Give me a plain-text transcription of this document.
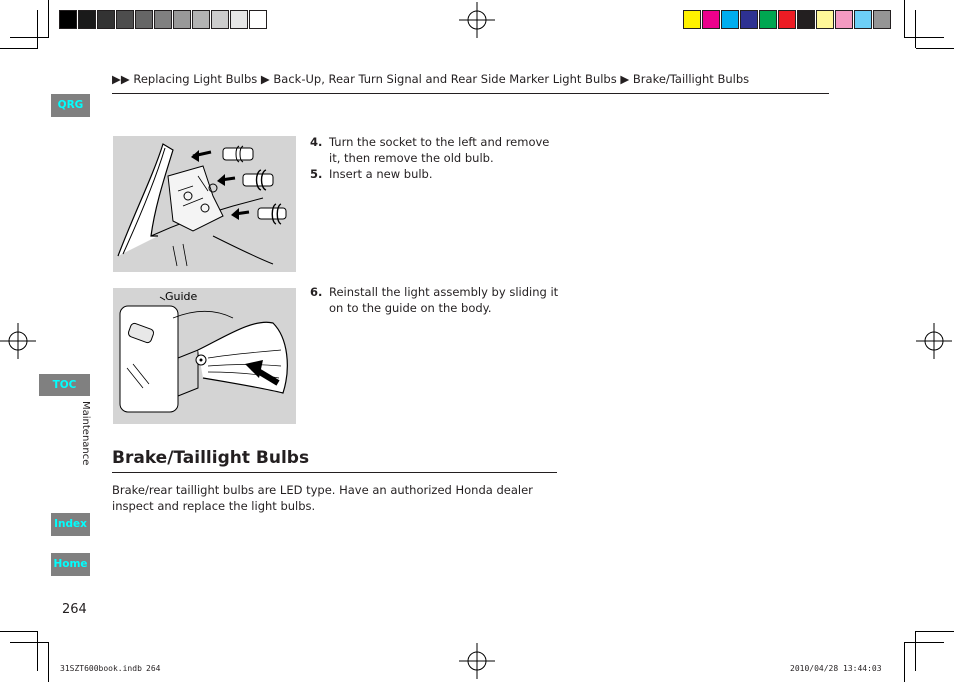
▶▶ Replacing Light Bulbs ▶ Back-Up, Rear Turn Signal and Rear Side Marker Light Bulbs ▶ Brake/Taillight Bulbs
QRG
TOC
Maintenance
Index
Home
Guide
4. Turn the socket to the left and remove it, then remove the old bulb.
5. Insert a new bulb.
6. Reinstall the light assembly by sliding it on to the guide on the body.
Brake/Taillight Bulbs
Brake/rear taillight bulbs are LED type. Have an authorized Honda dealer inspect and replace the light bulbs.
264
31SZT600book.indb 264	2010/04/28 13:44:03
